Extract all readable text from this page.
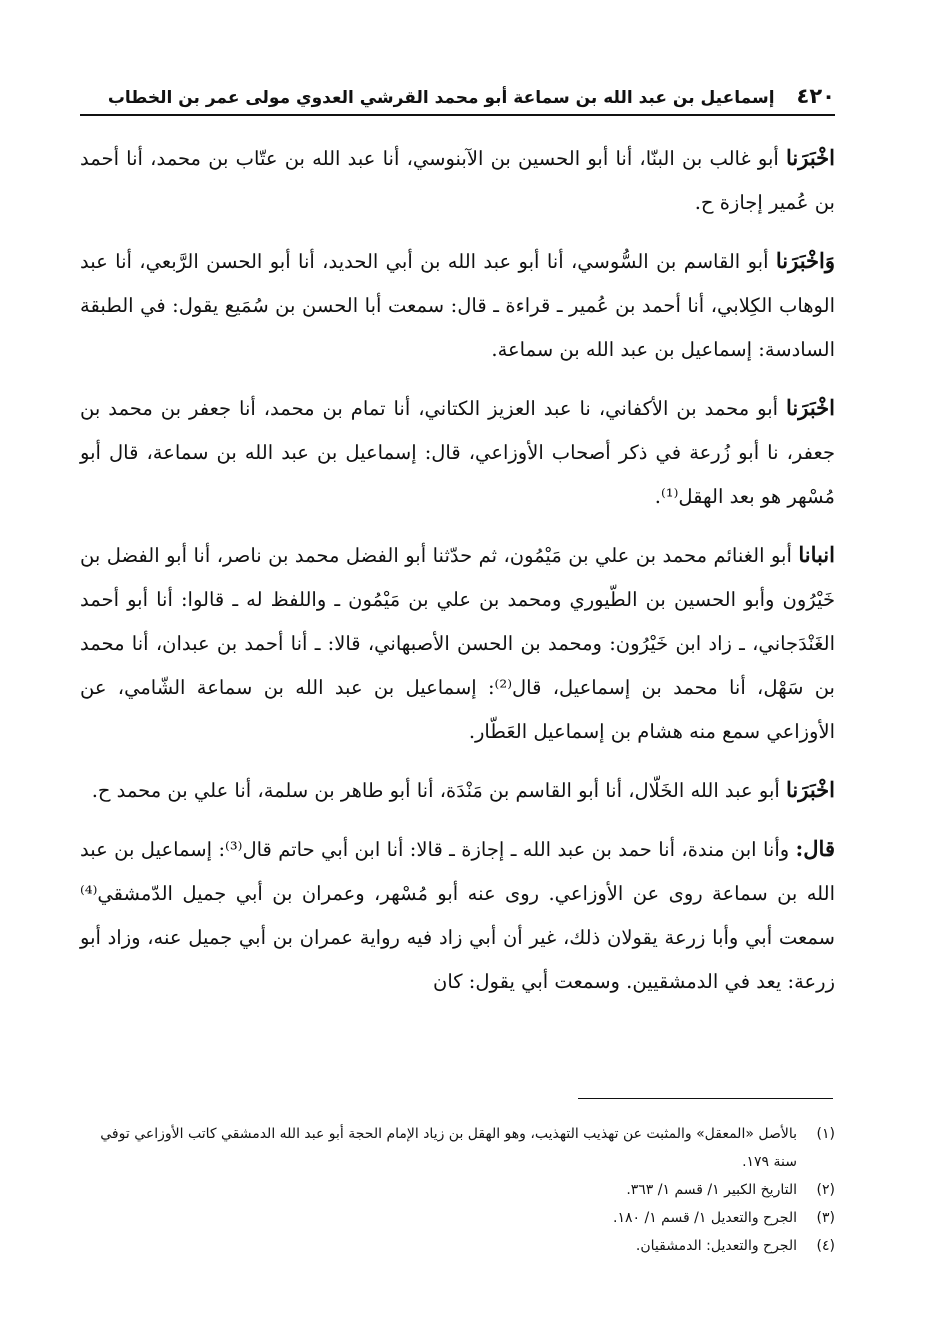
٤٢٠
إسماعيل بن عبد الله بن سماعة أبو محمد القرشي العدوي مولى عمر بن الخطاب

اخْبَرَنا أبو غالب بن البنّا، أنا أبو الحسين بن الآبنوسي، أنا عبد الله بن عتّاب بن محمد، أنا أحمد بن عُمير إجازة ح.

وَاخْبَرَنا أبو القاسم بن السُّوسي، أنا أبو عبد الله بن أبي الحديد، أنا أبو الحسن الرَّبعي، أنا عبد الوهاب الكِلابي، أنا أحمد بن عُمير ـ قراءة ـ قال: سمعت أبا الحسن بن سُمَيع يقول: في الطبقة السادسة: إسماعيل بن عبد الله بن سماعة.

اخْبَرَنا أبو محمد بن الأكفاني، نا عبد العزيز الكتاني، أنا تمام بن محمد، أنا جعفر بن محمد بن جعفر، نا أبو زُرعة في ذكر أصحاب الأوزاعي، قال: إسماعيل بن عبد الله بن سماعة، قال أبو مُسْهر هو بعد الهقل⁽¹⁾.

انبانا أبو الغنائم محمد بن علي بن مَيْمُون، ثم حدّثنا أبو الفضل محمد بن ناصر، أنا أبو الفضل بن خَيْرُون وأبو الحسين بن الطّيوري ومحمد بن علي بن مَيْمُون ـ واللفظ له ـ قالوا: أنا أبو أحمد الغَنْدَجاني، ـ زاد ابن خَيْرُون: ومحمد بن الحسن الأصبهاني، قالا: ـ أنا أحمد بن عبدان، أنا محمد بن سَهْل، أنا محمد بن إسماعيل، قال⁽²⁾: إسماعيل بن عبد الله بن سماعة الشّامي، عن الأوزاعي سمع منه هشام بن إسماعيل العَطّار.

اخْبَرَنا أبو عبد الله الخَلّال، أنا أبو القاسم بن مَنْدَة، أنا أبو طاهر بن سلمة، أنا علي بن محمد ح.

قال: وأنا ابن مندة، أنا حمد بن عبد الله ـ إجازة ـ قالا: أنا ابن أبي حاتم قال⁽³⁾: إسماعيل بن عبد الله بن سماعة روى عن الأوزاعي. روى عنه أبو مُسْهر، وعمران بن أبي جميل الدّمشقي⁽⁴⁾ سمعت أبي وأبا زرعة يقولان ذلك، غير أن أبي زاد فيه رواية عمران بن أبي جميل عنه، وزاد أبو زرعة: يعد في الدمشقيين. وسمعت أبي يقول: كان

(١)
بالأصل «المعقل» والمثبت عن تهذيب التهذيب، وهو الهقل بن زياد الإمام الحجة أبو عبد الله الدمشقي كاتب الأوزاعي توفي سنة ١٧٩.
(٢)
التاريخ الكبير ١/ قسم ١/ ٣٦٣.
(٣)
الجرح والتعديل ١/ قسم ١/ ١٨٠.
(٤)
الجرح والتعديل: الدمشقيان.
